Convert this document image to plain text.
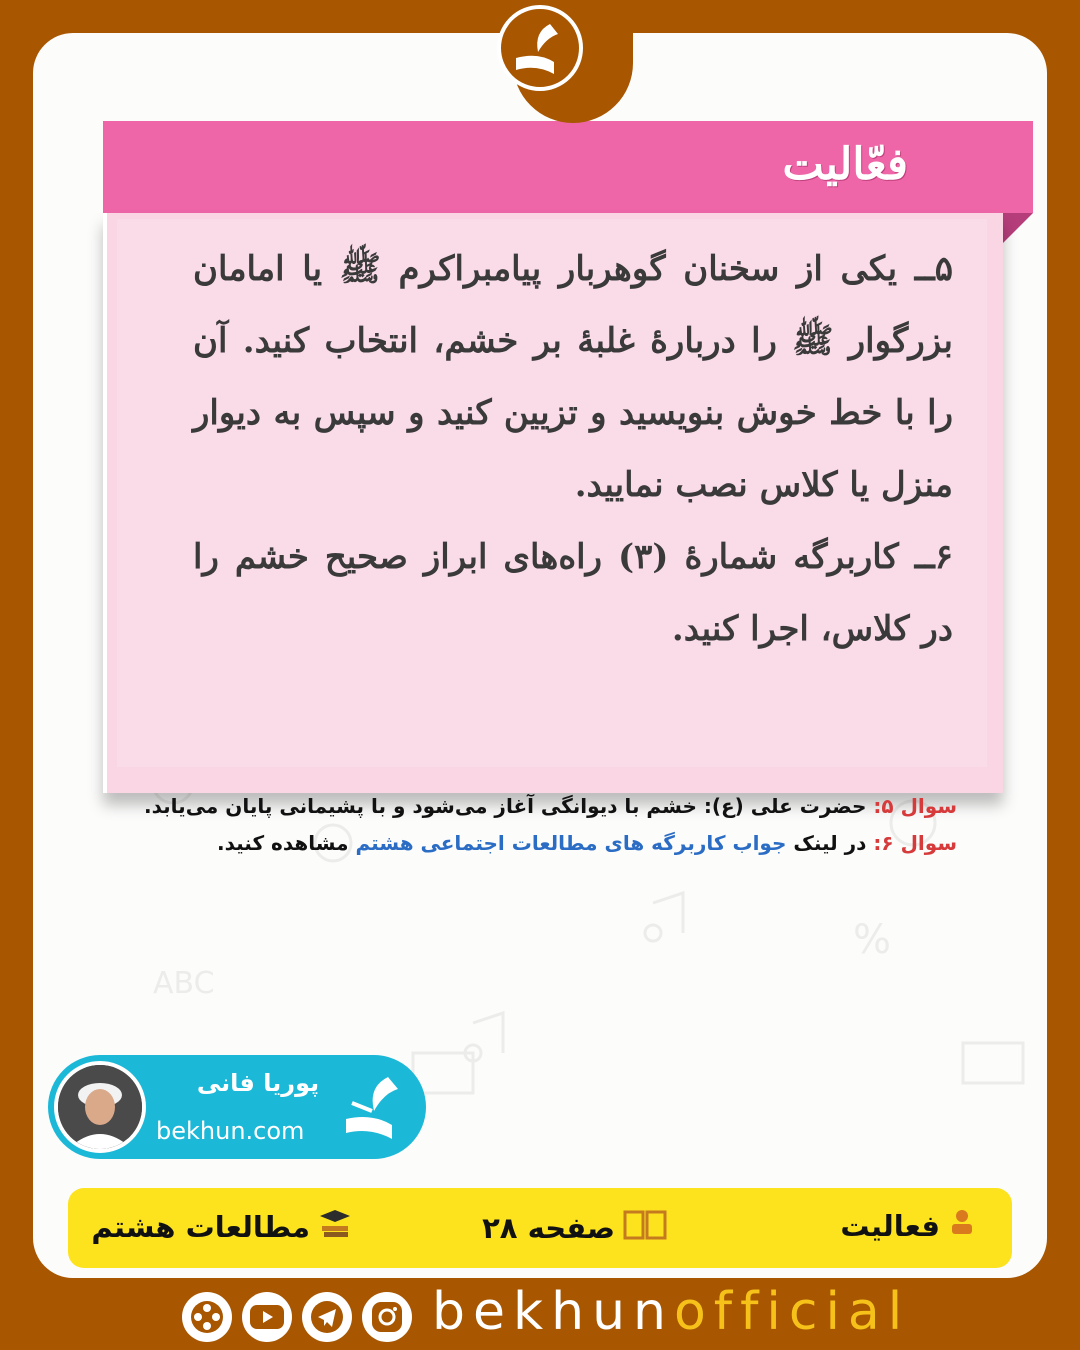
ABC
%
فعّالیت

۵ــ یکی از سخنان گوهربار پیامبراکرم ﷺ یا امامان بزرگوار ﷺ را دربارهٔ غلبهٔ بر خشم، انتخاب کنید. آن را با خط خوش بنویسید و تزیین کنید و سپس به دیوار منزل یا کلاس نصب نمایید.

۶ــ کاربرگه شمارهٔ (۳) راه‌های ابراز صحیح خشم را در کلاس، اجرا کنید.

سوال ۵: حضرت علی (ع): خشم با دیوانگی آغاز می‌شود و با پشیمانی پایان می‌یابد.

سوال ۶: در لینک جواب کاربرگه های مطالعات اجتماعی هشتم مشاهده کنید.

پوریا فانی
bekhun.com
فعالیت
صفحه ۲۸
مطالعات هشتم
bekhunofficial
